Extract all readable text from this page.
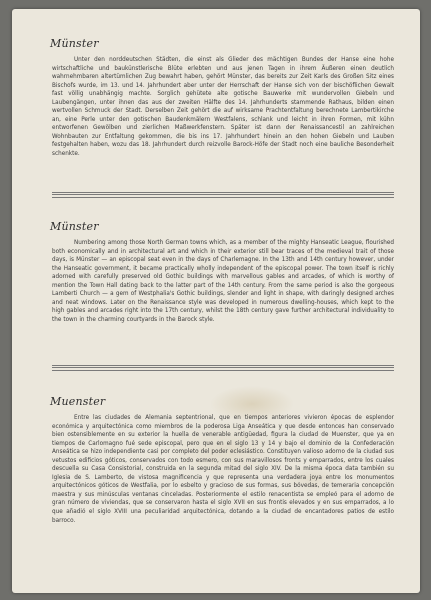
Münster

Unter den norddeutschen Städten, die einst als Glieder des mächtigen Bundes der Hanse eine hohe wirtschaftliche und baukünstlerische Blüte erlebten und aus jenen Tagen in ihrem Äußeren einen deutlich wahrnehmbaren altertümlichen Zug bewahrt haben, gehört Münster, das bereits zur Zeit Karls des Großen Sitz eines Bischofs wurde, im 13. und 14. Jahrhundert aber unter der Herrschaft der Hanse sich von der bischöflichen Gewalt fast völlig unabhängig machte. Sorglich gehütete alte gotische Bauwerke mit wundervollen Giebeln und Laubengängen, unter ihnen das aus der zweiten Hälfte des 14. Jahrhunderts stammende Rathaus, bilden einen wertvollen Schmuck der Stadt. Derselben Zeit gehört die auf wirksame Prachtentfaltung berechnete Lambertikirche an, eine Perle unter den gotischen Baudenkmälern Westfalens, schlank und leicht in ihren Formen, mit kühn entworfenen Gewölben und zierlichen Maßwerkfenstern. Später ist dann der Renaissancestil an zahlreichen Wohnbauten zur Entfaltung gekommen, die bis ins 17. Jahrhundert hinein an den hohen Giebeln und Lauben festgehalten haben, wozu das 18. Jahrhundert durch reizvolle Barock-Höfe der Stadt noch eine bauliche Besonderheit schenkte.

Münster

Numbering among those North German towns which, as a member of the mighty Hanseatic League, flourished both economically and in architectural art and which in their exterior still bear traces of the medieval trait of those days, is Münster — an episcopal seat even in the days of Charlemagne. In the 13th and 14th century however, under the Hanseatic government, it became practically wholly independent of the episcopal power. The town itself is richly adorned with carefully preserved old Gothic buildings with marvellous gables and arcades, of which is worthy of mention the Town Hall dating back to the latter part of the 14th century. From the same period is also the gorgeous Lamberti Church — a gem of Westphalia's Gothic buildings, slender and light in shape, with daringly designed arches and neat windows. Later on the Renaissance style was developed in numerous dwelling-houses, which kept to the high gables and arcades right into the 17th century, whilst the 18th century gave further architectural individuality to the town in the charming courtyards in the Barock style.

Muenster

Entre las ciudades de Alemania septentrional, que en tiempos anteriores vivieron épocas de esplendor económica y arquitectónica como miembros de la poderosa Liga Anseática y que desde entonces han conservado bien ostensiblemente en su exterior la huella de venerable antigüedad, figura la ciudad de Muenster, que ya en tiempos de Carlomagno fué sede episcopal, pero que en el siglo 13 y 14 y bajo el dominio de la Confederación Anseática se hizo independiente casi por completo del poder eclesiástico. Constituyen valioso adorno de la ciudad sus vetustos edificios góticos, conservados con todo esmero, con sus maravillosos fronts y emparrados, entre los cuales descuella su Casa Consistorial, construida en la segunda mitad del siglo XIV. De la misma época data también su Iglesia de S. Lamberto, de vistosa magnificencia y que representa una verdadera joya entre los monumentos arquitectónicos góticos de Westfalia, por lo esbelto y gracioso de sus formas, sus bóvedas, de temeraria concepción maestra y sus minúsculas ventanas cinceladas. Posteriormente el estilo renacentista se empleó para el adorno de gran número de viviendas, que se conservaron hasta el siglo XVII en sus frontis elevados y en sus emparrados, a lo que añadió el siglo XVIII una peculiaridad arquitectónica, dotando a la ciudad de encantadores patios de estilo barroco.
